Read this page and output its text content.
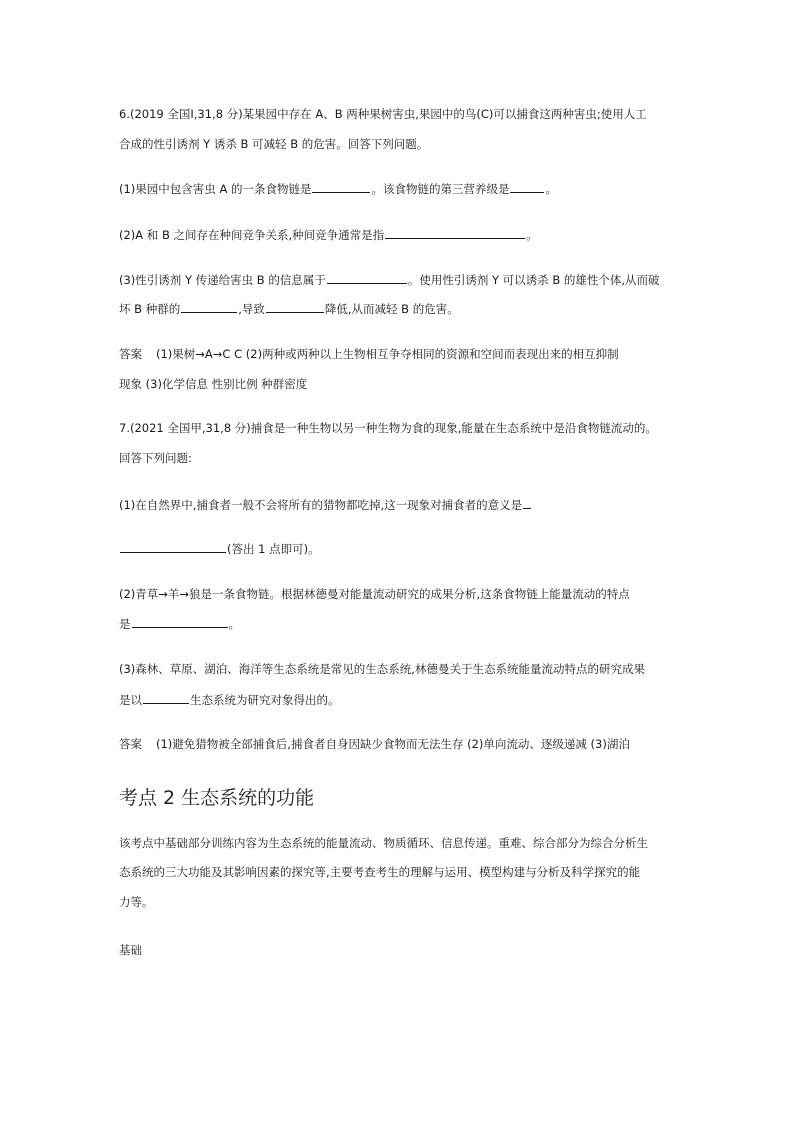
6.(2019 全国Ⅰ,31,8 分)某果园中存在 A、B 两种果树害虫,果园中的鸟(C)可以捕食这两种害虫;使用人工
合成的性引诱剂 Y 诱杀 B 可减轻 B 的危害。回答下列问题。
(1)果园中包含害虫 A 的一条食物链是	。该食物链的第三营养级是	。
(2)A 和 B 之间存在种间竞争关系,种间竞争通常是指	。
(3)性引诱剂 Y 传递给害虫 B 的信息属于	。使用性引诱剂 Y 可以诱杀 B 的雄性个体,从而破
坏 B 种群的	,导致	降低,从而减轻 B 的危害。
答案 (1)果树→A→C C (2)两种或两种以上生物相互争夺相同的资源和空间而表现出来的相互抑制
现象 (3)化学信息 性别比例 种群密度
7.(2021 全国甲,31,8 分)捕食是一种生物以另一种生物为食的现象,能量在生态系统中是沿食物链流动的。
回答下列问题:
(1)在自然界中,捕食者一般不会将所有的猎物都吃掉,这一现象对捕食者的意义是
(答出 1 点即可)。
(2)青草→羊→狼是一条食物链。根据林德曼对能量流动研究的成果分析,这条食物链上能量流动的特点
是	。
(3)森林、草原、湖泊、海洋等生态系统是常见的生态系统,林德曼关于生态系统能量流动特点的研究成果
是以	生态系统为研究对象得出的。
答案 (1)避免猎物被全部捕食后,捕食者自身因缺少食物而无法生存 (2)单向流动、逐级递减 (3)湖泊
考点 2 生态系统的功能
该考点中基础部分训练内容为生态系统的能量流动、物质循环、信息传递。重难、综合部分为综合分析生
态系统的三大功能及其影响因素的探究等,主要考查考生的理解与运用、模型构建与分析及科学探究的能
力等。
基础
